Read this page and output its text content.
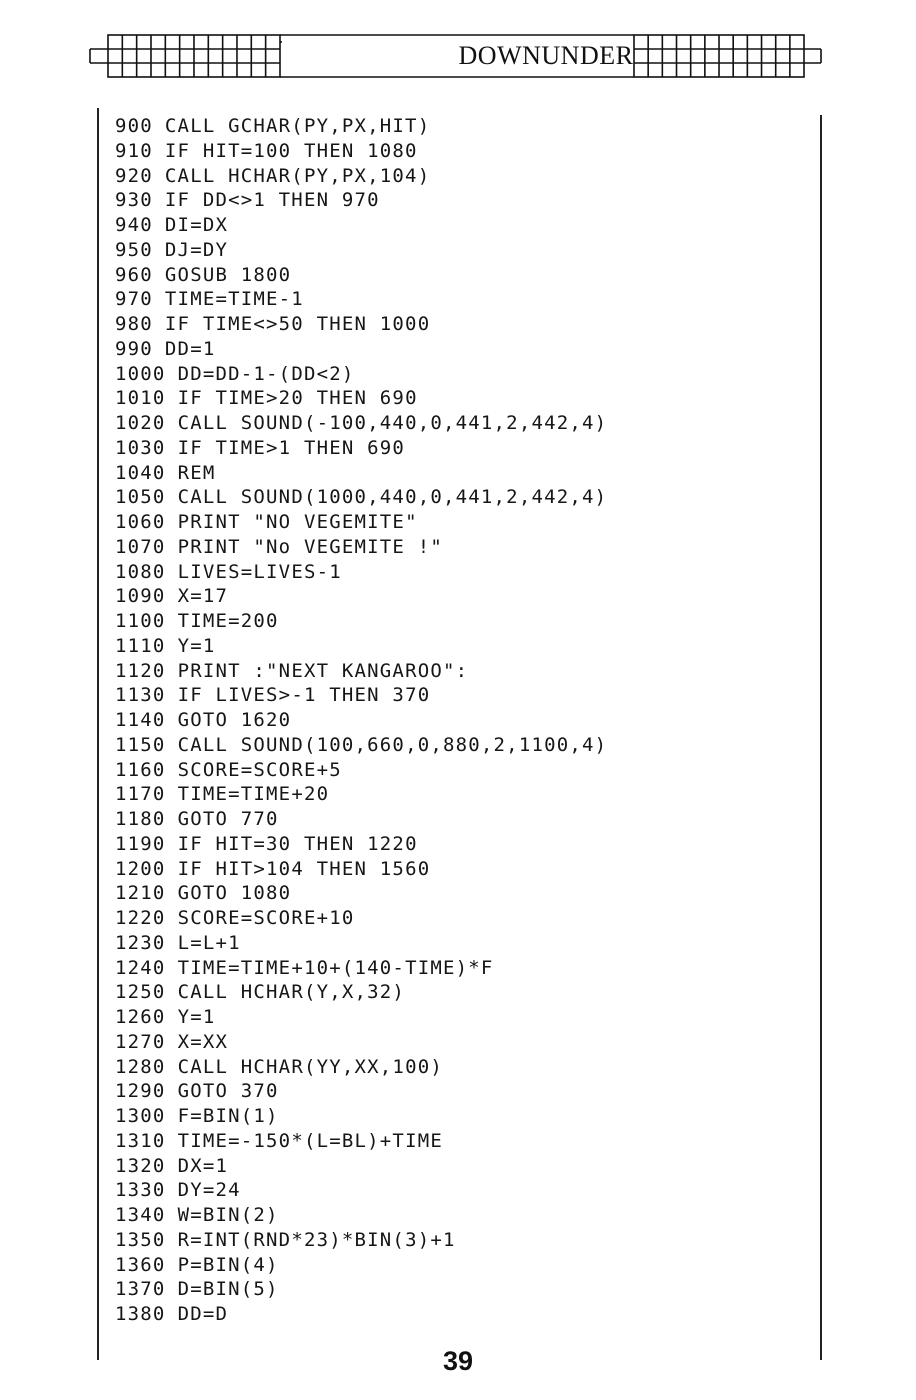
DOWNUNDER
900 CALL GCHAR(PY,PX,HIT)
910 IF HIT=100 THEN 1080
920 CALL HCHAR(PY,PX,104)
930 IF DD<>1 THEN 970
940 DI=DX
950 DJ=DY
960 GOSUB 1800
970 TIME=TIME-1
980 IF TIME<>50 THEN 1000
990 DD=1
1000 DD=DD-1-(DD<2)
1010 IF TIME>20 THEN 690
1020 CALL SOUND(-100,440,0,441,2,442,4)
1030 IF TIME>1 THEN 690
1040 REM
1050 CALL SOUND(1000,440,0,441,2,442,4)
1060 PRINT "NO VEGEMITE"
1070 PRINT "No VEGEMITE !"
1080 LIVES=LIVES-1
1090 X=17
1100 TIME=200
1110 Y=1
1120 PRINT :"NEXT KANGAROO":
1130 IF LIVES>-1 THEN 370
1140 GOTO 1620
1150 CALL SOUND(100,660,0,880,2,1100,4)
1160 SCORE=SCORE+5
1170 TIME=TIME+20
1180 GOTO 770
1190 IF HIT=30 THEN 1220
1200 IF HIT>104 THEN 1560
1210 GOTO 1080
1220 SCORE=SCORE+10
1230 L=L+1
1240 TIME=TIME+10+(140-TIME)*F
1250 CALL HCHAR(Y,X,32)
1260 Y=1
1270 X=XX
1280 CALL HCHAR(YY,XX,100)
1290 GOTO 370
1300 F=BIN(1)
1310 TIME=-150*(L=BL)+TIME
1320 DX=1
1330 DY=24
1340 W=BIN(2)
1350 R=INT(RND*23)*BIN(3)+1
1360 P=BIN(4)
1370 D=BIN(5)
1380 DD=D
39
